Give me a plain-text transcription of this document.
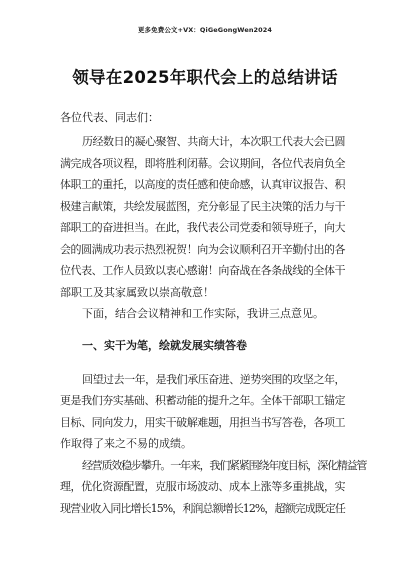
更多免费公文+VX：QiGeGongWen2024
领导在2025年职代会上的总结讲话
各位代表、同志们：

历经数日的凝心聚智、共商大计，本次职工代表大会已圆
满完成各项议程，即将胜利闭幕。会议期间，各位代表肩负全
体职工的重托，以高度的责任感和使命感，认真审议报告、积
极建言献策，共绘发展蓝图，充分彰显了民主决策的活力与干
部职工的奋进担当。在此，我代表公司党委和领导班子，向大
会的圆满成功表示热烈祝贺！向为会议顺利召开辛勤付出的各
位代表、工作人员致以衷心感谢！向奋战在各条战线的全体干
部职工及其家属致以崇高敬意！

下面，结合会议精神和工作实际，我讲三点意见。

一、实干为笔，绘就发展实绩答卷

回望过去一年，是我们承压奋进、逆势突围的攻坚之年，
更是我们夯实基础、积蓄动能的提升之年。全体干部职工锚定
目标、同向发力，用实干破解难题，用担当书写答卷，各项工
作取得了来之不易的成绩。

经营质效稳步攀升。一年来，我们紧紧围绕年度目标，深化精益管
理，优化资源配置，克服市场波动、成本上涨等多重挑战，实
现营业收入同比增长15%，利润总额增长12%，超额完成既定任
